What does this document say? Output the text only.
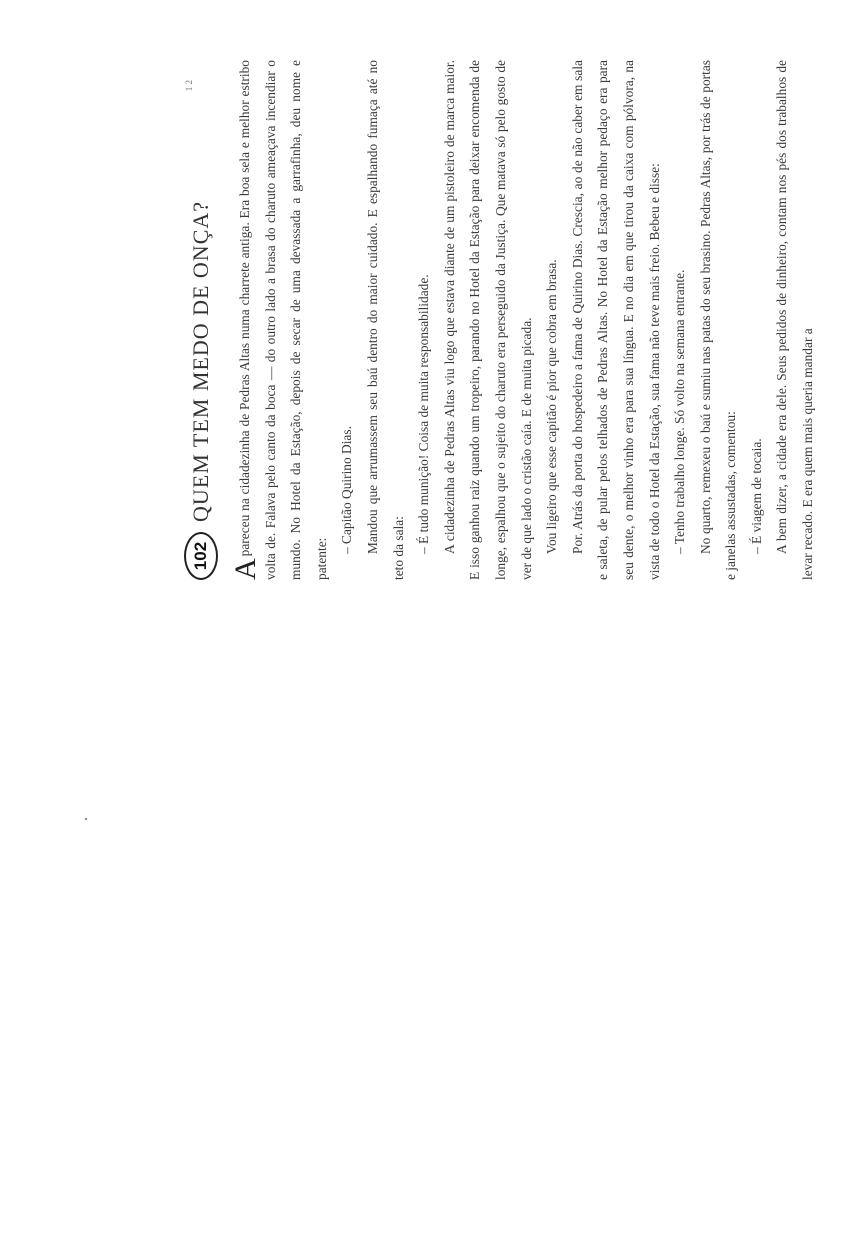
1 2
102
QUEM TEM MEDO DE ONÇA?

A
pareceu na cidadezinha de Pedras Altas numa charrete antiga. Era boa sela e melhor estribo volta de. Falava pelo canto da boca — do outro lado a brasa do charuto ameaçava incendiar o mundo. No Hotel da Estação, depois de secar de uma devassada a garrafinha, deu nome e patente:

– Capitão Quirino Dias. Mandou que arrumassem seu baú dentro do maior cuidado. E espalhando fumaça até no teto da sala: – É tudo munição! Coisa de muita responsabilidade. A cidadezinha de Pedras Altas viu logo que estava diante de um pistoleiro de marca maior. E isso ganhou raiz quando um tropeiro, parando no Hotel da Estação para deixar encomenda de longe, espalhou que o sujeito do charuto era perseguido da Justiça. Que matava só pelo gosto de ver de que lado o cristão caía. E de muita picada. Vou ligeiro que esse capitão é pior que cobra em brasa. Por. Atrás da porta do hospedeiro a fama de Quirino Dias. Crescia, ao de não caber em sala e saleta, de pular pelos telhados de Pedras Altas. No Hotel da Estação melhor pedaço era para seu dente, o melhor vinho era para sua língua. E no dia em que tirou da caixa com pólvora, na vista de todo o Hotel da Estação, sua fama não teve mais freio. Bebeu e disse: – Tenho trabalho longe. Só volto na semana entrante. No quarto, remexeu o baú e sumiu nas patas do seu brasino. Pedras Altas, por trás de portas e janelas assustadas, comentou: – É viagem de tocaia. A bem dizer, a cidade era dele. Seus pedidos de dinheiro, contam nos pés dos trabalhos de levar recado. E era quem mais queria mandar a
